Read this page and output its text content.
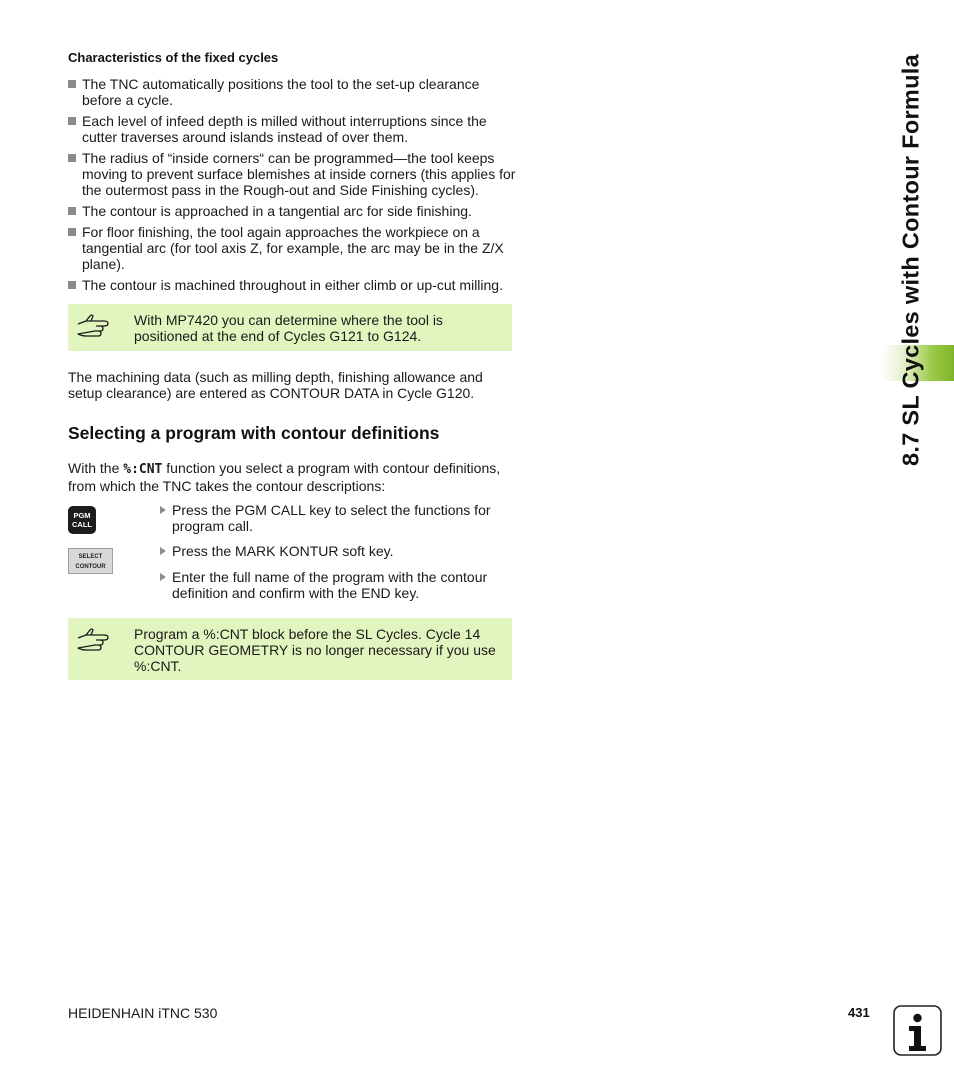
Characteristics of the fixed cycles
The TNC automatically positions the tool to the set-up clearance before a cycle.
Each level of infeed depth is milled without interruptions since the cutter traverses around islands instead of over them.
The radius of “inside corners“ can be programmed—the tool keeps moving to prevent surface blemishes at inside corners (this applies for the outermost pass in the Rough-out and Side Finishing cycles).
The contour is approached in a tangential arc for side finishing.
For floor finishing, the tool again approaches the workpiece on a tangential arc (for tool axis Z, for example, the arc may be in the Z/X plane).
The contour is machined throughout in either climb or up-cut milling.
With MP7420 you can determine where the tool is positioned at the end of Cycles G121 to G124.
The machining data (such as milling depth, finishing allowance and setup clearance) are entered as CONTOUR DATA in Cycle G120.
Selecting a program with contour definitions
With the %:CNT function you select a program with contour definitions, from which the TNC takes the contour descriptions:
PGM
CALL
SELECT
CONTOUR
Press the PGM CALL key to select the functions for program call.
Press the MARK KONTUR soft key.
Enter the full name of the program with the contour definition and confirm with the END key.
Program a %:CNT block before the SL Cycles. Cycle 14 CONTOUR GEOMETRY is no longer necessary if you use %:CNT.
8.7 SL Cycles with Contour Formula
HEIDENHAIN iTNC 530	431
